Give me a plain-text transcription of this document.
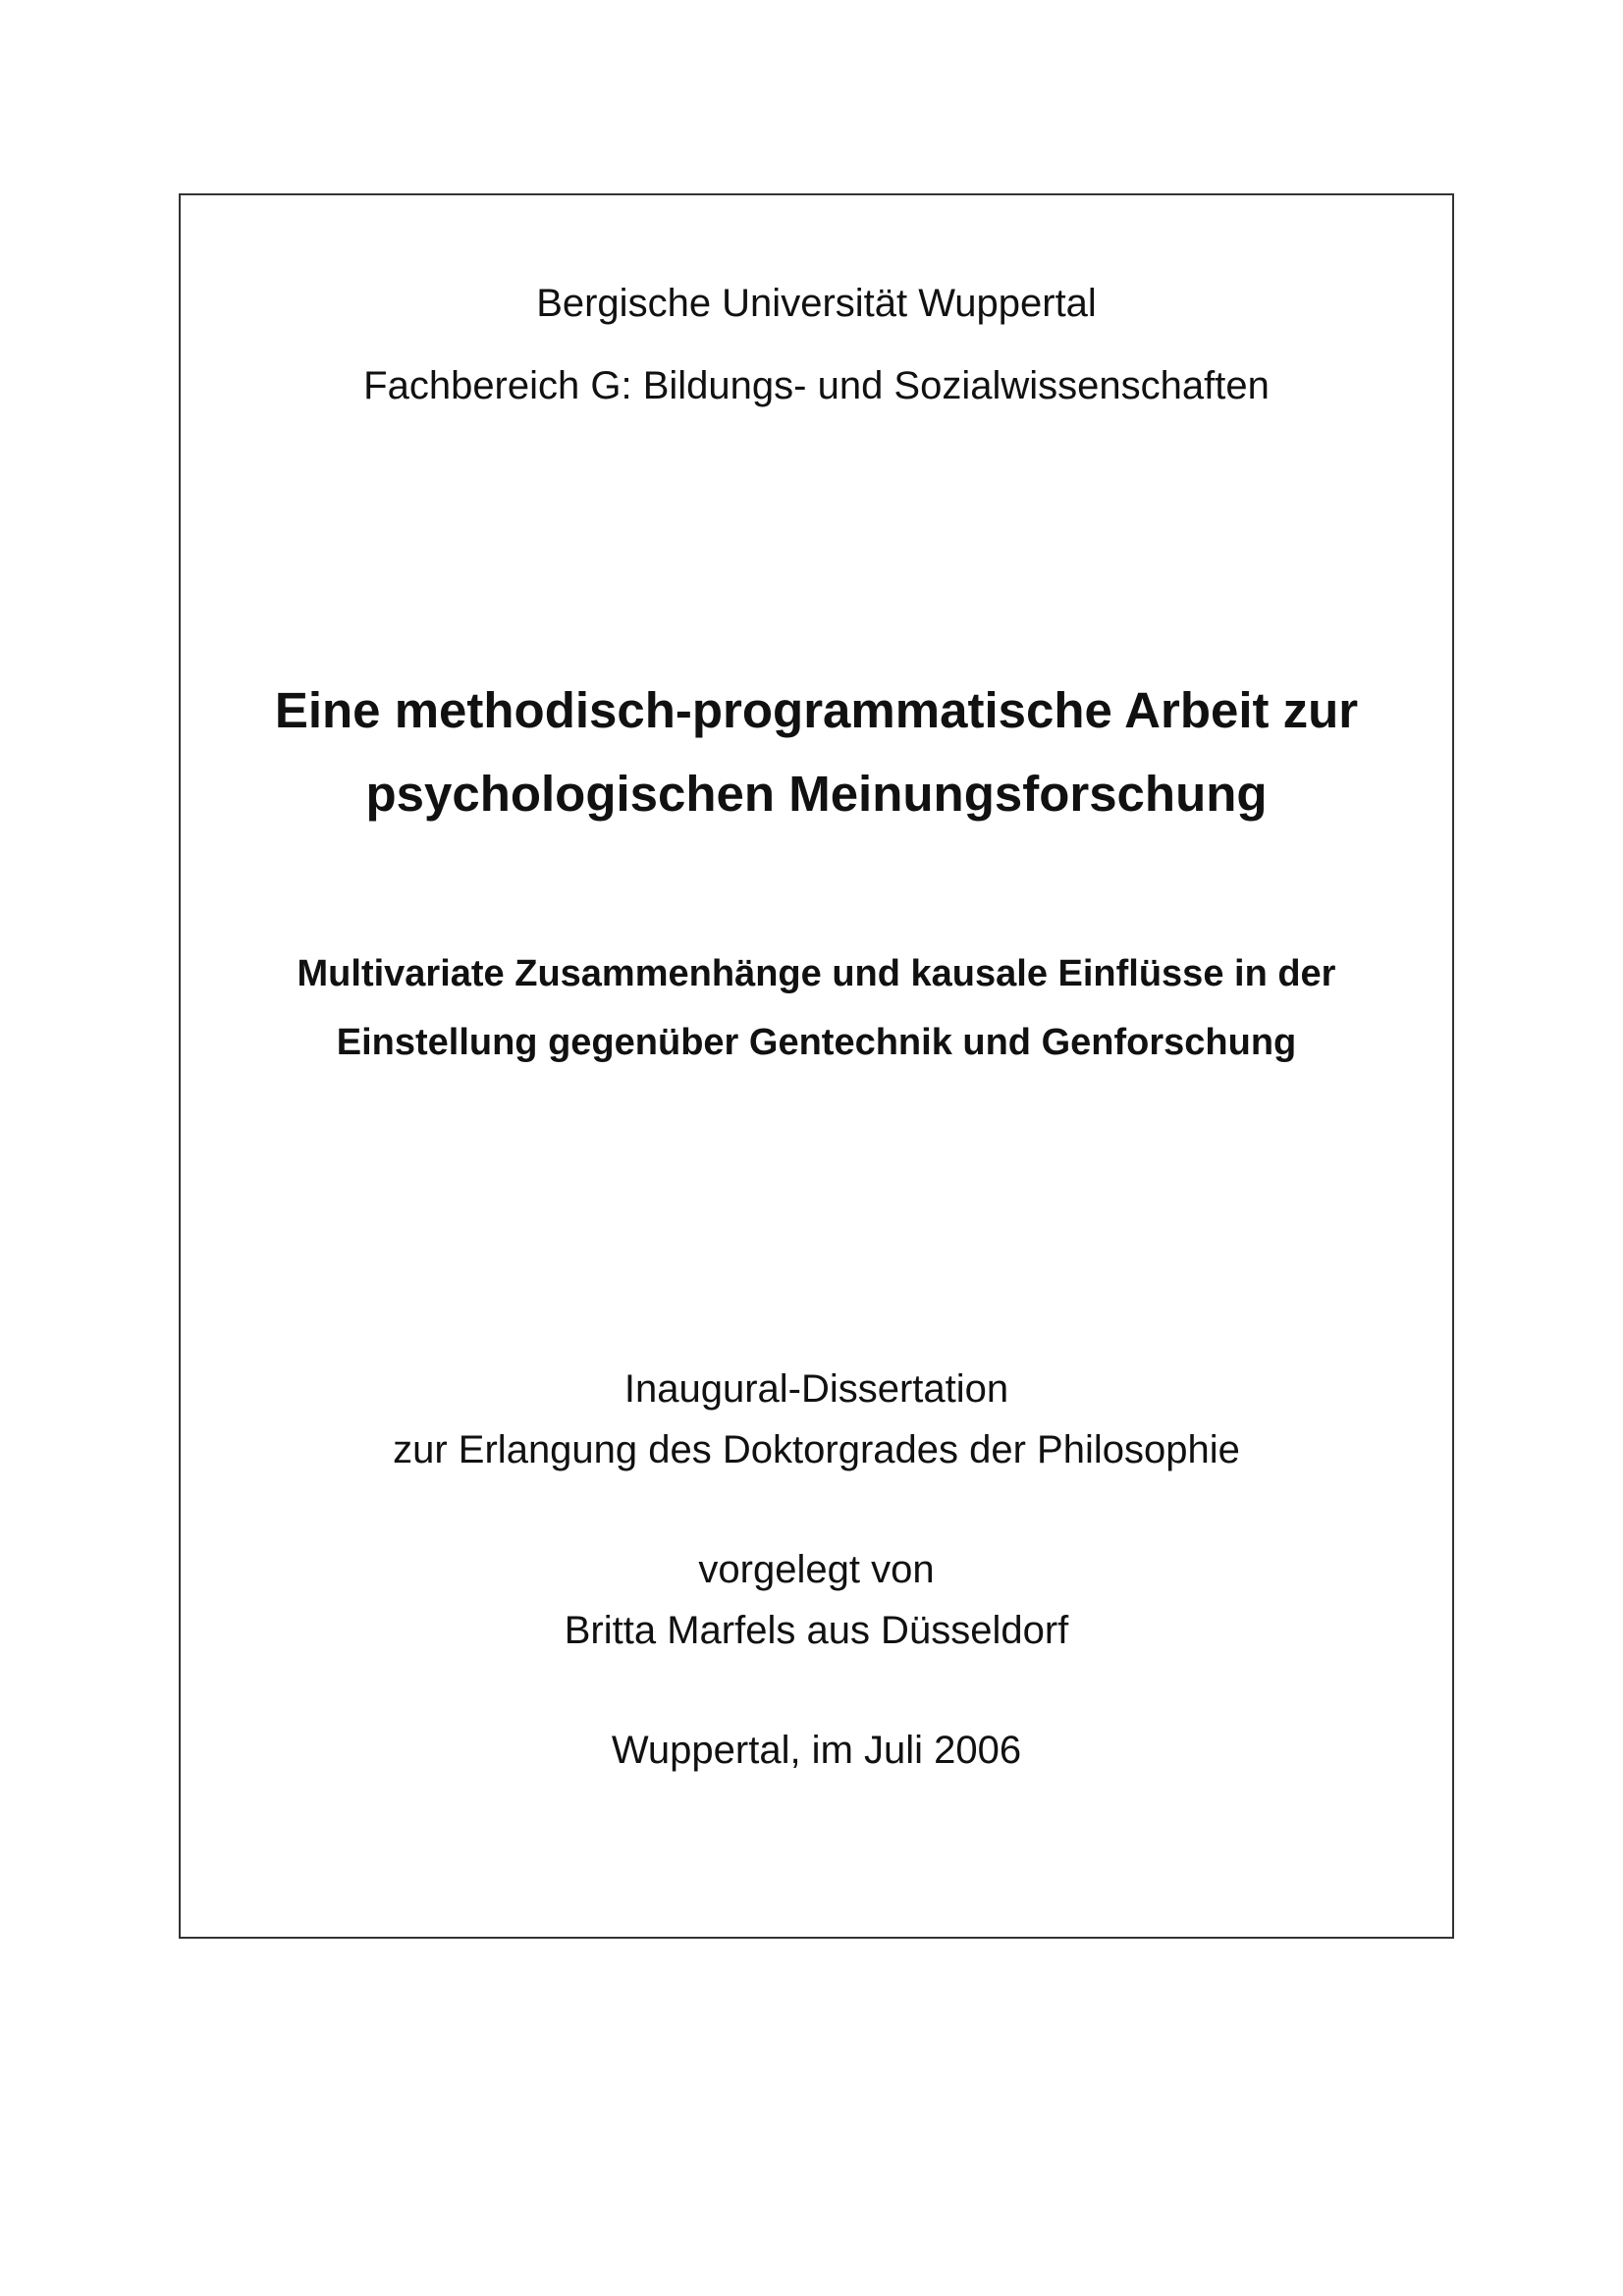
Bergische Universität Wuppertal
Fachbereich G: Bildungs- und Sozialwissenschaften
Eine methodisch-programmatische Arbeit zur
psychologischen Meinungsforschung
Multivariate Zusammenhänge und kausale Einflüsse in der
Einstellung gegenüber Gentechnik und Genforschung
Inaugural-Dissertation
zur Erlangung des Doktorgrades der Philosophie
vorgelegt von
Britta Marfels aus Düsseldorf
Wuppertal, im Juli 2006
